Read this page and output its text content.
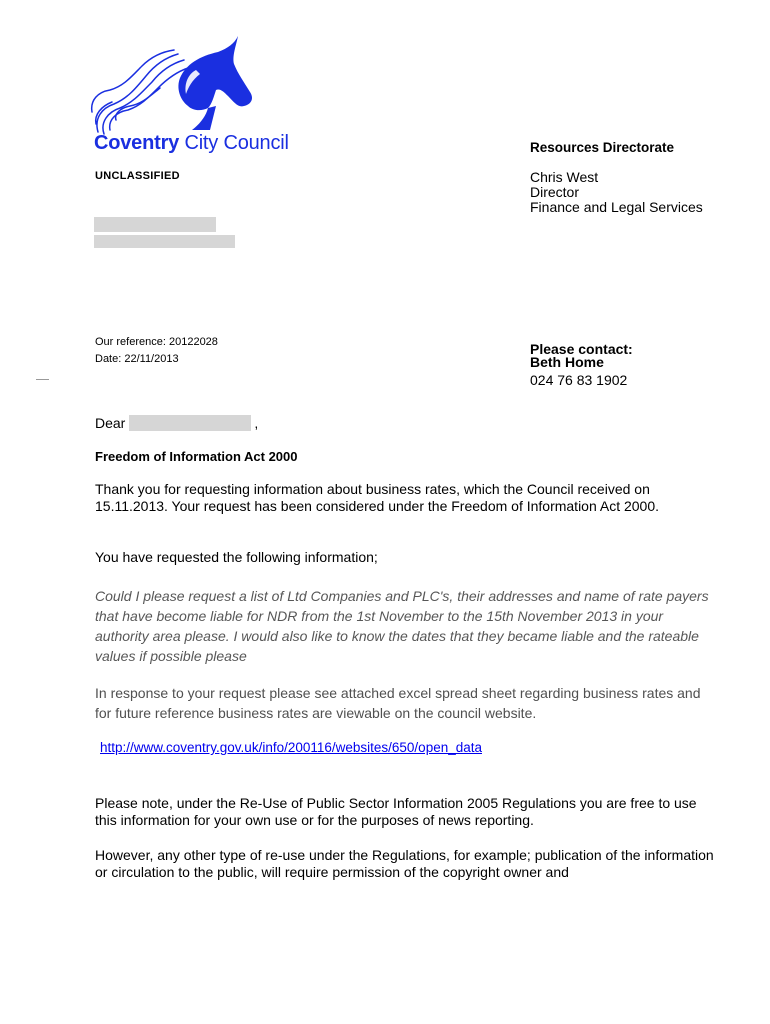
Coventry City Council
UNCLASSIFIED
Resources Directorate
Chris West
Director
Finance and Legal Services
Our reference: 20122028
Date: 22/11/2013
Please contact:
Beth Home
024 76 83 1902
Dear	,
Freedom of Information Act 2000
Thank you for requesting information about business rates, which the Council received on 15.11.2013. Your request has been considered under the Freedom of Information Act 2000.
You have requested the following information;
Could I please request a list of Ltd Companies and PLC's, their addresses and name of rate payers that have become liable for NDR from the 1st November to the 15th November 2013 in your authority area please. I would also like to know the dates that they became liable and the rateable values if possible please
In response to your request please see attached excel spread sheet regarding business rates and for future reference business rates are viewable on the council website.
http://www.coventry.gov.uk/info/200116/websites/650/open_data
Please note, under the Re-Use of Public Sector Information 2005 Regulations you are free to use this information for your own use or for the purposes of news reporting.
However, any other type of re-use under the Regulations, for example; publication of the information or circulation to the public, will require permission of the copyright owner and
